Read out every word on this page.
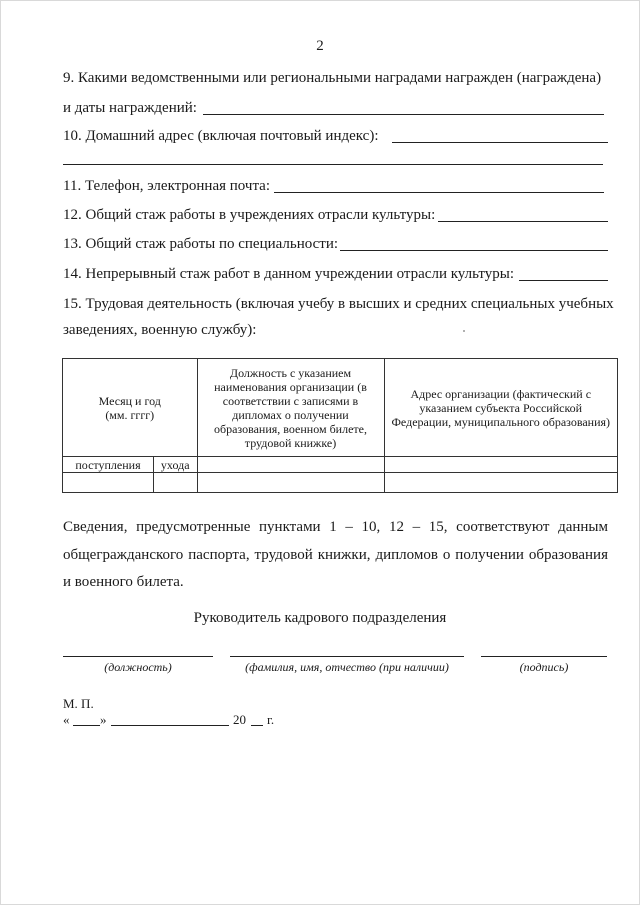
2
9. Какими ведомственными или региональными наградами награжден (награждена)
и даты награждений:
10. Домашний адрес (включая почтовый индекс):
11. Телефон, электронная почта:
12. Общий стаж работы в учреждениях отрасли культуры:
13. Общий стаж работы по специальности:
14. Непрерывный стаж работ в данном учреждении отрасли культуры:
15. Трудовая деятельность (включая учебу в высших и средних специальных учебных
заведениях, военную службу):
Месяц и год
(мм. гггг)		Должность с указанием наименования организации (в соответствии с записями в дипломах о получении образования, военном билете, трудовой книжке)	Адрес организации (фактический с указанием субъекта Российской Федерации, муниципального образования)
поступления	ухода		

Сведения, предусмотренные пунктами 1 – 10, 12 – 15, соответствуют данным общегражданского паспорта, трудовой книжки, дипломов о получении образования и военного билета.
Руководитель кадрового подразделения
(должность)	(фамилия, имя, отчество (при наличии)	(подпись)
М. П.
« »	20 г.
